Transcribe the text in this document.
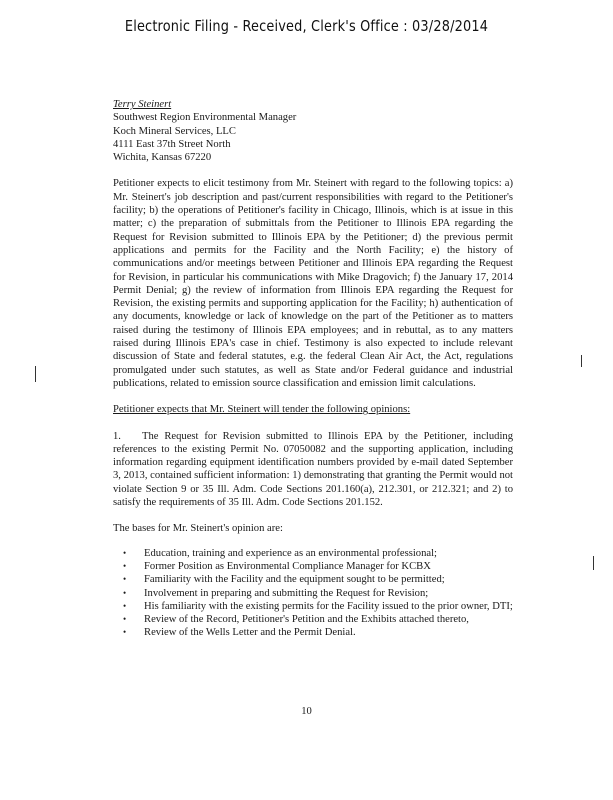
Electronic Filing - Received, Clerk's Office : 03/28/2014
Terry Steinert
Southwest Region Environmental Manager
Koch Mineral Services, LLC
4111 East 37th Street North
Wichita, Kansas 67220

Petitioner expects to elicit testimony from Mr. Steinert with regard to the following topics: a) Mr. Steinert's job description and past/current responsibilities with regard to the Petitioner's facility; b) the operations of Petitioner's facility in Chicago, Illinois, which is at issue in this matter; c) the preparation of submittals from the Petitioner to Illinois EPA regarding the Request for Revision submitted to Illinois EPA by the Petitioner; d) the previous permit applications and permits for the Facility and the North Facility; e) the history of communications and/or meetings between Petitioner and Illinois EPA regarding the Request for Revision, in particular his communications with Mike Dragovich; f) the January 17, 2014 Permit Denial; g) the review of information from Illinois EPA regarding the Request for Revision, the existing permits and supporting application for the Facility; h) authentication of any documents, knowledge or lack of knowledge on the part of the Petitioner as to matters raised during the testimony of Illinois EPA employees; and in rebuttal, as to any matters raised during Illinois EPA's case in chief. Testimony is also expected to include relevant discussion of State and federal statutes, e.g. the federal Clean Air Act, the Act, regulations promulgated under such statutes, as well as State and/or Federal guidance and industrial publications, related to emission source classification and emission limit calculations.

Petitioner expects that Mr. Steinert will tender the following opinions:

1. The Request for Revision submitted to Illinois EPA by the Petitioner, including references to the existing Permit No. 07050082 and the supporting application, including information regarding equipment identification numbers provided by e-mail dated September 3, 2013, contained sufficient information: 1) demonstrating that granting the Permit would not violate Section 9 or 35 Ill. Adm. Code Sections 201.160(a), 212.301, or 212.321; and 2) to satisfy the requirements of 35 Ill. Adm. Code Sections 201.152.

The bases for Mr. Steinert's opinion are:

• Education, training and experience as an environmental professional;
• Former Position as Environmental Compliance Manager for KCBX
• Familiarity with the Facility and the equipment sought to be permitted;
• Involvement in preparing and submitting the Request for Revision;
• His familiarity with the existing permits for the Facility issued to the prior owner, DTI;
• Review of the Record, Petitioner's Petition and the Exhibits attached thereto,
• Review of the Wells Letter and the Permit Denial.
10
